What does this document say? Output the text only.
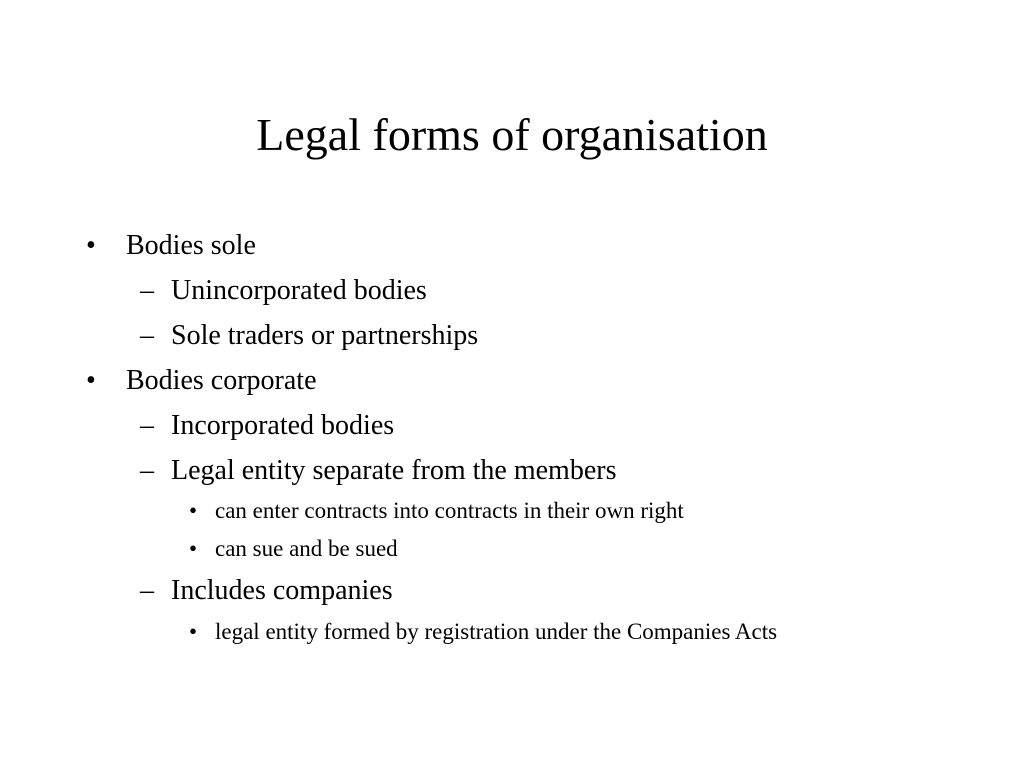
Legal forms of organisation
• Bodies sole
– Unincorporated bodies
– Sole traders or partnerships
• Bodies corporate
– Incorporated bodies
– Legal entity separate from the members
• can enter contracts into contracts in their own right
• can sue and be sued
– Includes companies
• legal entity formed by registration under the Companies Acts
